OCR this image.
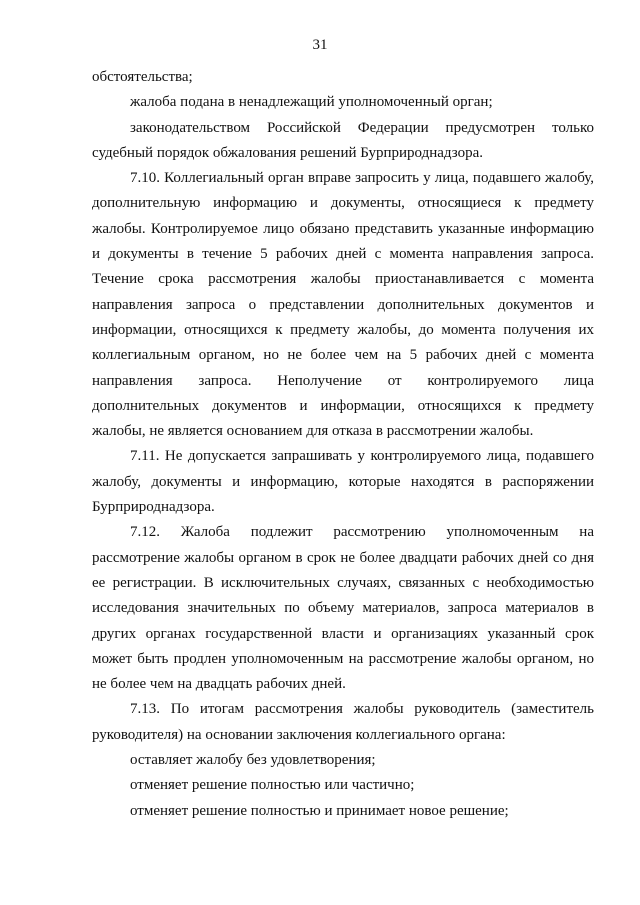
31

обстоятельства;

жалоба подана в ненадлежащий уполномоченный орган;

законодательством Российской Федерации предусмотрен только судебный порядок обжалования решений Бурприроднадзора.

7.10. Коллегиальный орган вправе запросить у лица, подавшего жалобу, дополнительную информацию и документы, относящиеся к предмету жалобы. Контролируемое лицо обязано представить указанные информацию и документы в течение 5 рабочих дней с момента направления запроса. Течение срока рассмотрения жалобы приостанавливается с момента направления запроса о представлении дополнительных документов и информации, относящихся к предмету жалобы, до момента получения их коллегиальным органом, но не более чем на 5 рабочих дней с момента направления запроса. Неполучение от контролируемого лица дополнительных документов и информации, относящихся к предмету жалобы, не является основанием для отказа в рассмотрении жалобы.

7.11. Не допускается запрашивать у контролируемого лица, подавшего жалобу, документы и информацию, которые находятся в распоряжении Бурприроднадзора.

7.12. Жалоба подлежит рассмотрению уполномоченным на рассмотрение жалобы органом в срок не более двадцати рабочих дней со дня ее регистрации. В исключительных случаях, связанных с необходимостью исследования значительных по объему материалов, запроса материалов в других органах государственной власти и организациях указанный срок может быть продлен уполномоченным на рассмотрение жалобы органом, но не более чем на двадцать рабочих дней.

7.13. По итогам рассмотрения жалобы руководитель (заместитель руководителя) на основании заключения коллегиального органа:

оставляет жалобу без удовлетворения;

отменяет решение полностью или частично;

отменяет решение полностью и принимает новое решение;
